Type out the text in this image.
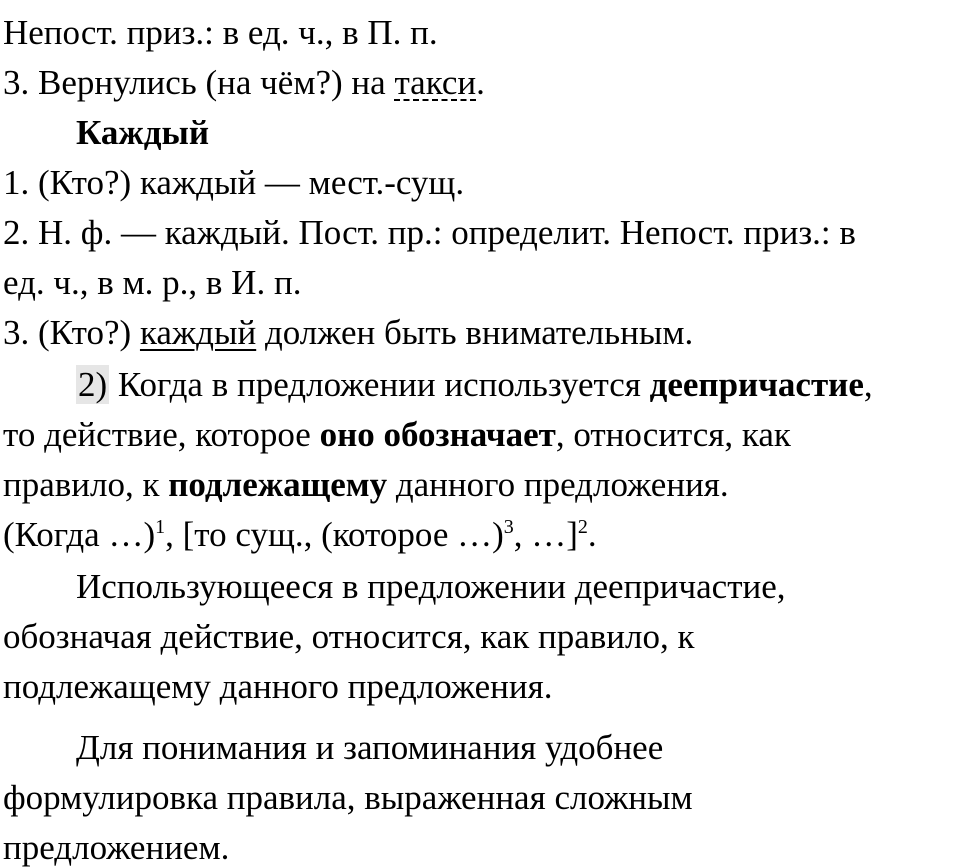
Непост. приз.: в ед. ч., в П. п.
3. Вернулись (на чём?) на такси.
Каждый
1. (Кто?) каждый — мест.-сущ.
2. Н. ф. — каждый. Пост. пр.: определит. Непост. приз.: в
ед. ч., в м. р., в И. п.
3. (Кто?) каждый должен быть внимательным.
2) Когда в предложении используется деепричастие,
то действие, которое оно обозначает, относится, как
правило, к подлежащему данного предложения.
(Когда …)$^1$, [то сущ., (которое …)$^3$, …]$^2$.
Использующееся в предложении деепричастие,
обозначая действие, относится, как правило, к
подлежащему данного предложения.
Для понимания и запоминания удобнее
формулировка правила, выраженная сложным
предложением.
